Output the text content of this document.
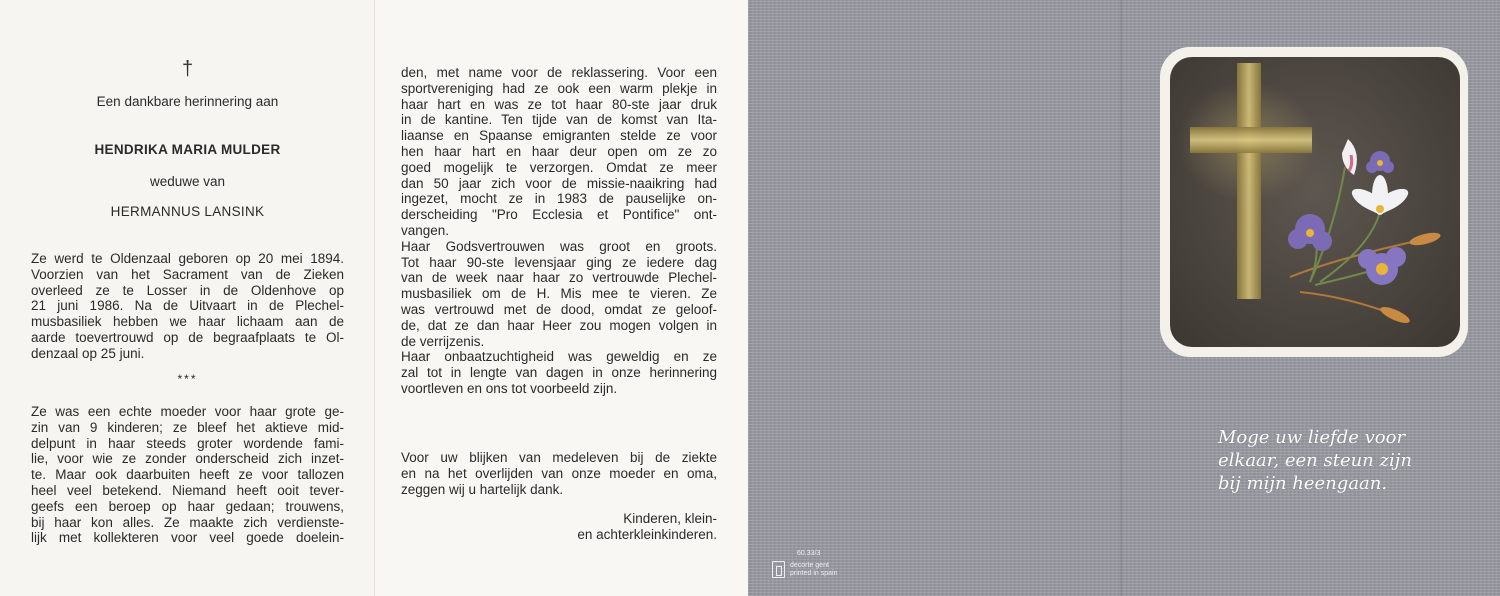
†
Een dankbare herinnering aan
HENDRIKA MARIA MULDER
weduwe van
HERMANNUS LANSINK
Ze werd te Oldenzaal geboren op 20 mei 1894.
Voorzien van het Sacrament van de Zieken
overleed ze te Losser in de Oldenhove op
21 juni 1986. Na de Uitvaart in de Plechel-
musbasiliek hebben we haar lichaam aan de
aarde toevertrouwd op de begraafplaats te Ol-
denzaal op 25 juni.
***
Ze was een echte moeder voor haar grote ge-
zin van 9 kinderen; ze bleef het aktieve mid-
delpunt in haar steeds groter wordende fami-
lie, voor wie ze zonder onderscheid zich inzet-
te. Maar ook daarbuiten heeft ze voor tallozen
heel veel betekend. Niemand heeft ooit tever-
geefs een beroep op haar gedaan; trouwens,
bij haar kon alles. Ze maakte zich verdienste-
lijk met kollekteren voor veel goede doelein-
den, met name voor de reklassering. Voor een
sportvereniging had ze ook een warm plekje in
haar hart en was ze tot haar 80-ste jaar druk
in de kantine. Ten tijde van de komst van Ita-
liaanse en Spaanse emigranten stelde ze voor
hen haar hart en haar deur open om ze zo
goed mogelijk te verzorgen. Omdat ze meer
dan 50 jaar zich voor de missie-naaikring had
ingezet, mocht ze in 1983 de pauselijke on-
derscheiding "Pro Ecclesia et Pontifice" ont-
vangen.
Haar Godsvertrouwen was groot en groots.
Tot haar 90-ste levensjaar ging ze iedere dag
van de week naar haar zo vertrouwde Plechel-
musbasiliek om de H. Mis mee te vieren. Ze
was vertrouwd met de dood, omdat ze geloof-
de, dat ze dan haar Heer zou mogen volgen in
de verrijzenis.
Haar onbaatzuchtigheid was geweldig en ze
zal tot in lengte van dagen in onze herinnering
voortleven en ons tot voorbeeld zijn.
Voor uw blijken van medeleven bij de ziekte
en na het overlijden van onze moeder en oma,
zeggen wij u hartelijk dank.
Kinderen, klein-
en achterkleinkinderen.
Moge uw liefde voor
elkaar, een steun zijn
bij mijn heengaan.
60.33/3
decorte gent
printed in spain
